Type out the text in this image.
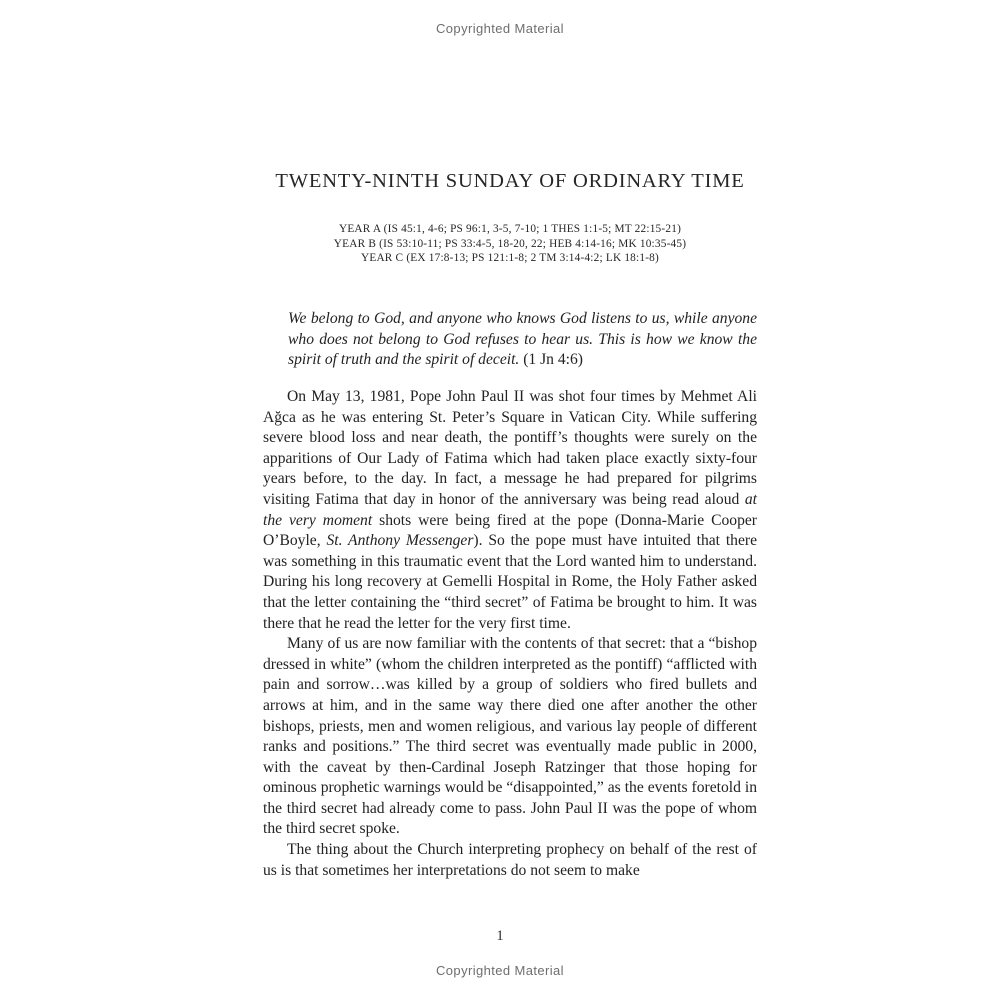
Copyrighted Material
TWENTY-NINTH SUNDAY OF ORDINARY TIME
YEAR A (IS 45:1, 4-6; PS 96:1, 3-5, 7-10; 1 THES 1:1-5; MT 22:15-21)
YEAR B (IS 53:10-11; PS 33:4-5, 18-20, 22; HEB 4:14-16; MK 10:35-45)
YEAR C (EX 17:8-13; PS 121:1-8; 2 TM 3:14-4:2; LK 18:1-8)
We belong to God, and anyone who knows God listens to us, while anyone who does not belong to God refuses to hear us. This is how we know the spirit of truth and the spirit of deceit. (1 Jn 4:6)

On May 13, 1981, Pope John Paul II was shot four times by Mehmet Ali Ağca as he was entering St. Peter’s Square in Vatican City. While suffering severe blood loss and near death, the pontiff’s thoughts were surely on the apparitions of Our Lady of Fatima which had taken place exactly sixty-four years before, to the day. In fact, a message he had prepared for pilgrims visiting Fatima that day in honor of the anniversary was being read aloud at the very moment shots were being fired at the pope (Donna-Marie Cooper O’Boyle, St. Anthony Messenger). So the pope must have intuited that there was something in this traumatic event that the Lord wanted him to understand. During his long recovery at Gemelli Hospital in Rome, the Holy Father asked that the letter containing the “third secret” of Fatima be brought to him. It was there that he read the letter for the very first time.

Many of us are now familiar with the contents of that secret: that a “bishop dressed in white” (whom the children interpreted as the pontiff) “afflicted with pain and sorrow…was killed by a group of soldiers who fired bullets and arrows at him, and in the same way there died one after another the other bishops, priests, men and women religious, and various lay people of different ranks and positions.” The third secret was eventually made public in 2000, with the caveat by then-Cardinal Joseph Ratzinger that those hoping for ominous prophetic warnings would be “disappointed,” as the events foretold in the third secret had already come to pass. John Paul II was the pope of whom the third secret spoke.

The thing about the Church interpreting prophecy on behalf of the rest of us is that sometimes her interpretations do not seem to make

1
Copyrighted Material
